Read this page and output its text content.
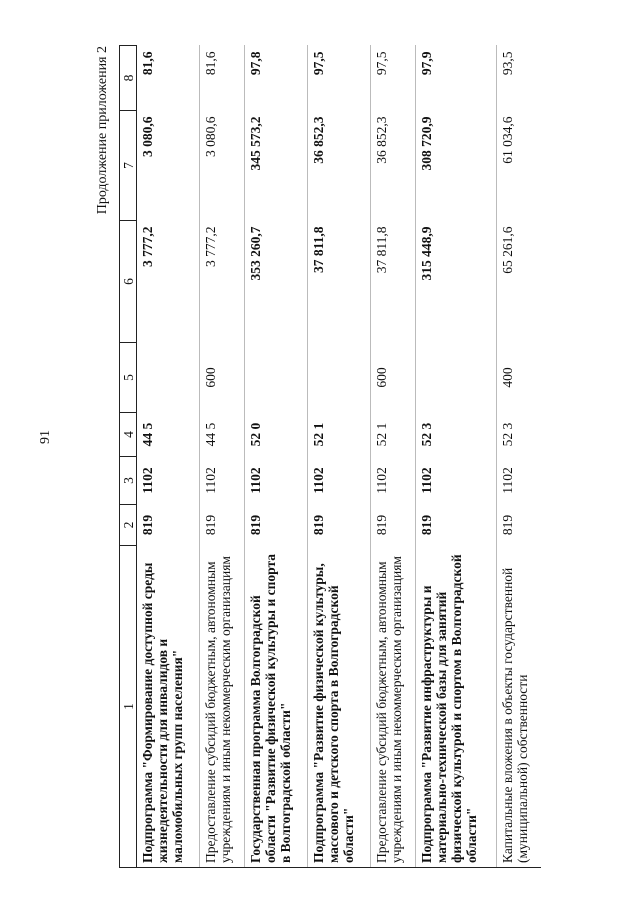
91
Продолжение приложения 2
1	2	3	4	5	6	7	8
Подпрограмма "Формирование доступной среды жизнедеятельности для инвалидов и маломобильных групп населения"	819	1102	44 5		3 777,2	3 080,6	81,6
Предоставление субсидий бюджетным, автономным учреждениям и иным некоммерческим организациям	819	1102	44 5	600	3 777,2	3 080,6	81,6
Государственная программа Волгоградской области "Развитие физической культуры и спорта в Волгоградской области"	819	1102	52 0		353 260,7	345 573,2	97,8
Подпрограмма "Развитие физической культуры, массового и детского спорта в Волгоградской области"	819	1102	52 1		37 811,8	36 852,3	97,5
Предоставление субсидий бюджетным, автономным учреждениям и иным некоммерческим организациям	819	1102	52 1	600	37 811,8	36 852,3	97,5
Подпрограмма "Развитие инфраструктуры и материально-технической базы для занятий физической культурой и спортом в Волгоградской области"	819	1102	52 3		315 448,9	308 720,9	97,9
Капитальные вложения в объекты государственной (муниципальной) собственности	819	1102	52 3	400	65 261,6	61 034,6	93,5
